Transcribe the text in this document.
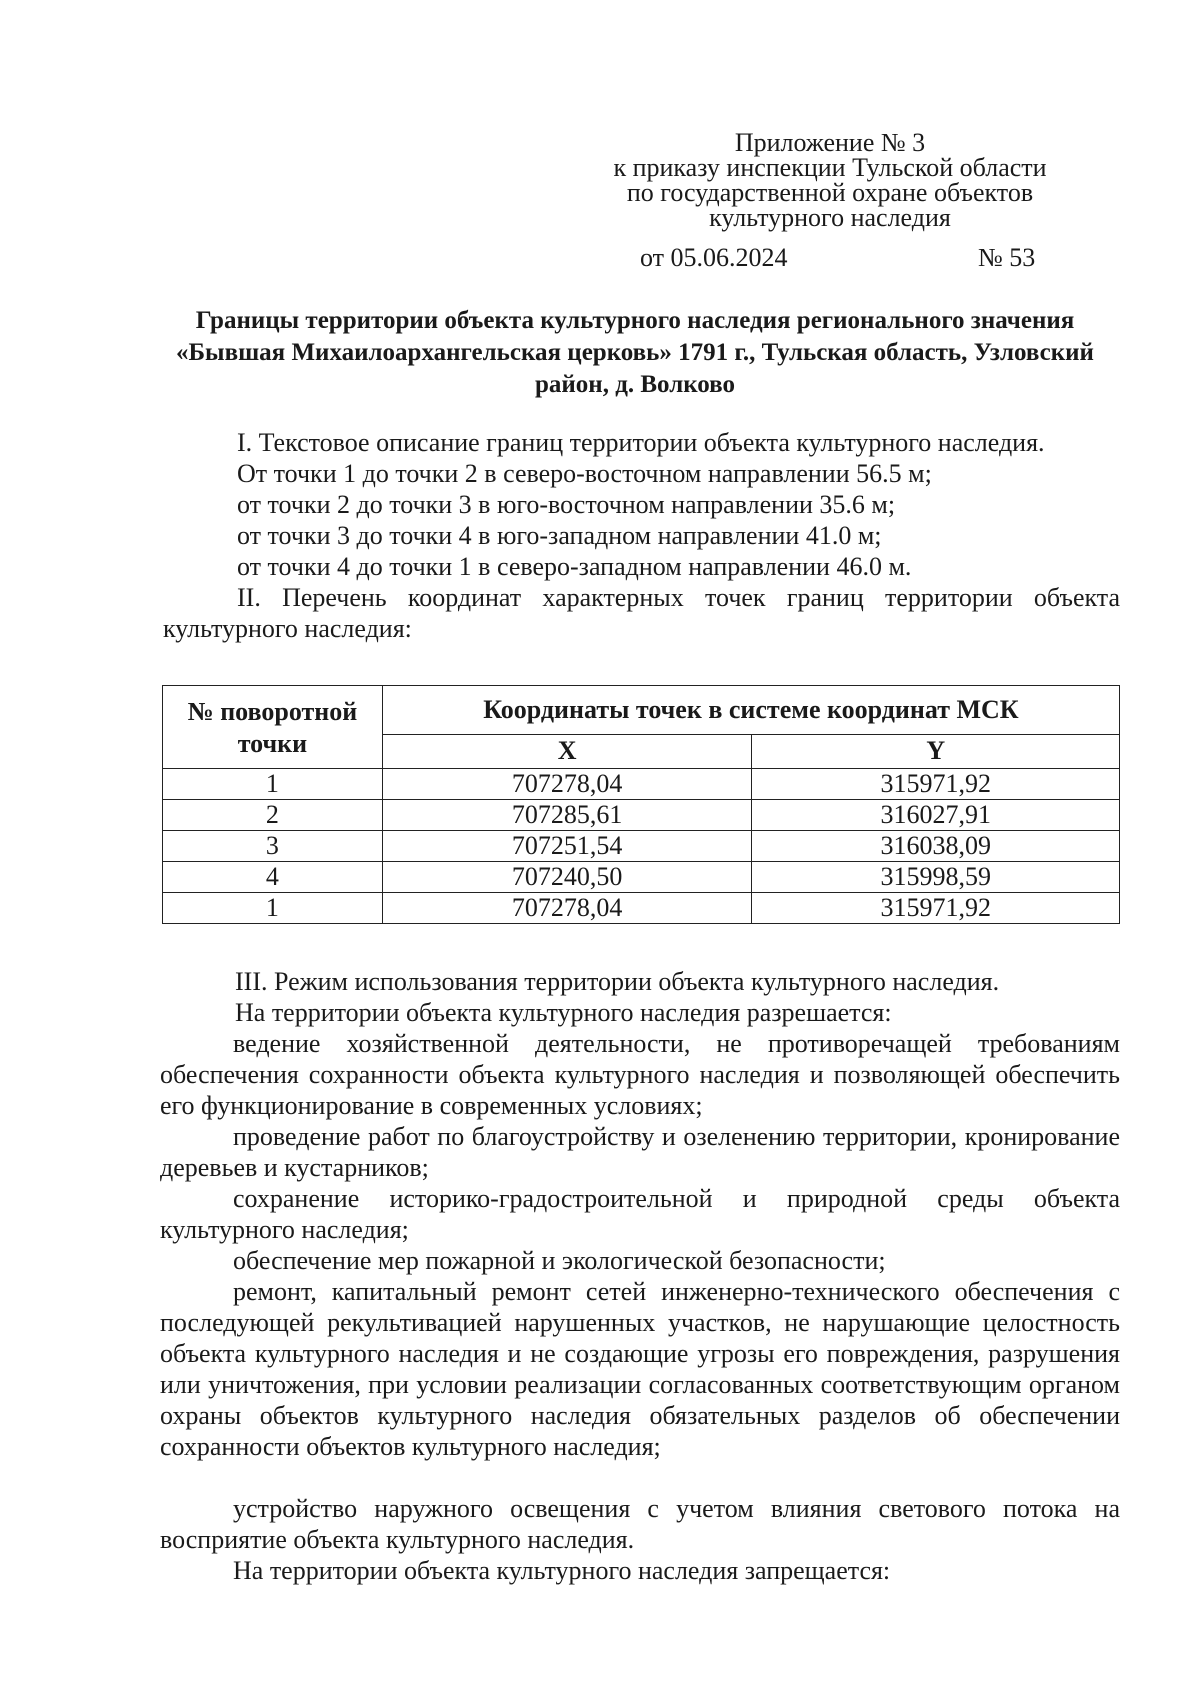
Приложение № 3
к приказу инспекции Тульской области
по государственной охране объектов
культурного наследия
от 05.06.2024	№ 53
Границы территории объекта культурного наследия регионального значения «Бывшая Михаилоархангельская церковь» 1791 г., Тульская область, Узловский район, д. Волково
I. Текстовое описание границ территории объекта культурного наследия.
От точки 1 до точки 2 в северо-восточном направлении 56.5 м;
от точки 2 до точки 3 в юго-восточном направлении 35.6 м;
от точки 3 до точки 4 в юго-западном направлении 41.0 м;
от точки 4 до точки 1 в северо-западном направлении 46.0 м.
II. Перечень координат характерных точек границ территории объекта
культурного наследия:
№ поворотной точки	Координаты точек в системе координат МСК	
	X	Y
1	707278,04	315971,92
2	707285,61	316027,91
3	707251,54	316038,09
4	707240,50	315998,59
1	707278,04	315971,92
III. Режим использования территории объекта культурного наследия.
На территории объекта культурного наследия разрешается:
ведение хозяйственной деятельности, не противоречащей требованиям обеспечения сохранности объекта культурного наследия и позволяющей обеспечить его функционирование в современных условиях;
проведение работ по благоустройству и озеленению территории, кронирование деревьев и кустарников;
сохранение историко-градостроительной и природной среды объекта культурного наследия;
обеспечение мер пожарной и экологической безопасности;
ремонт, капитальный ремонт сетей инженерно-технического обеспечения с последующей рекультивацией нарушенных участков, не нарушающие целостность объекта культурного наследия и не создающие угрозы его повреждения, разрушения или уничтожения, при условии реализации согласованных соответствующим органом охраны объектов культурного наследия обязательных разделов об обеспечении сохранности объектов культурного наследия;
устройство наружного освещения с учетом влияния светового потока на восприятие объекта культурного наследия.
На территории объекта культурного наследия запрещается:
